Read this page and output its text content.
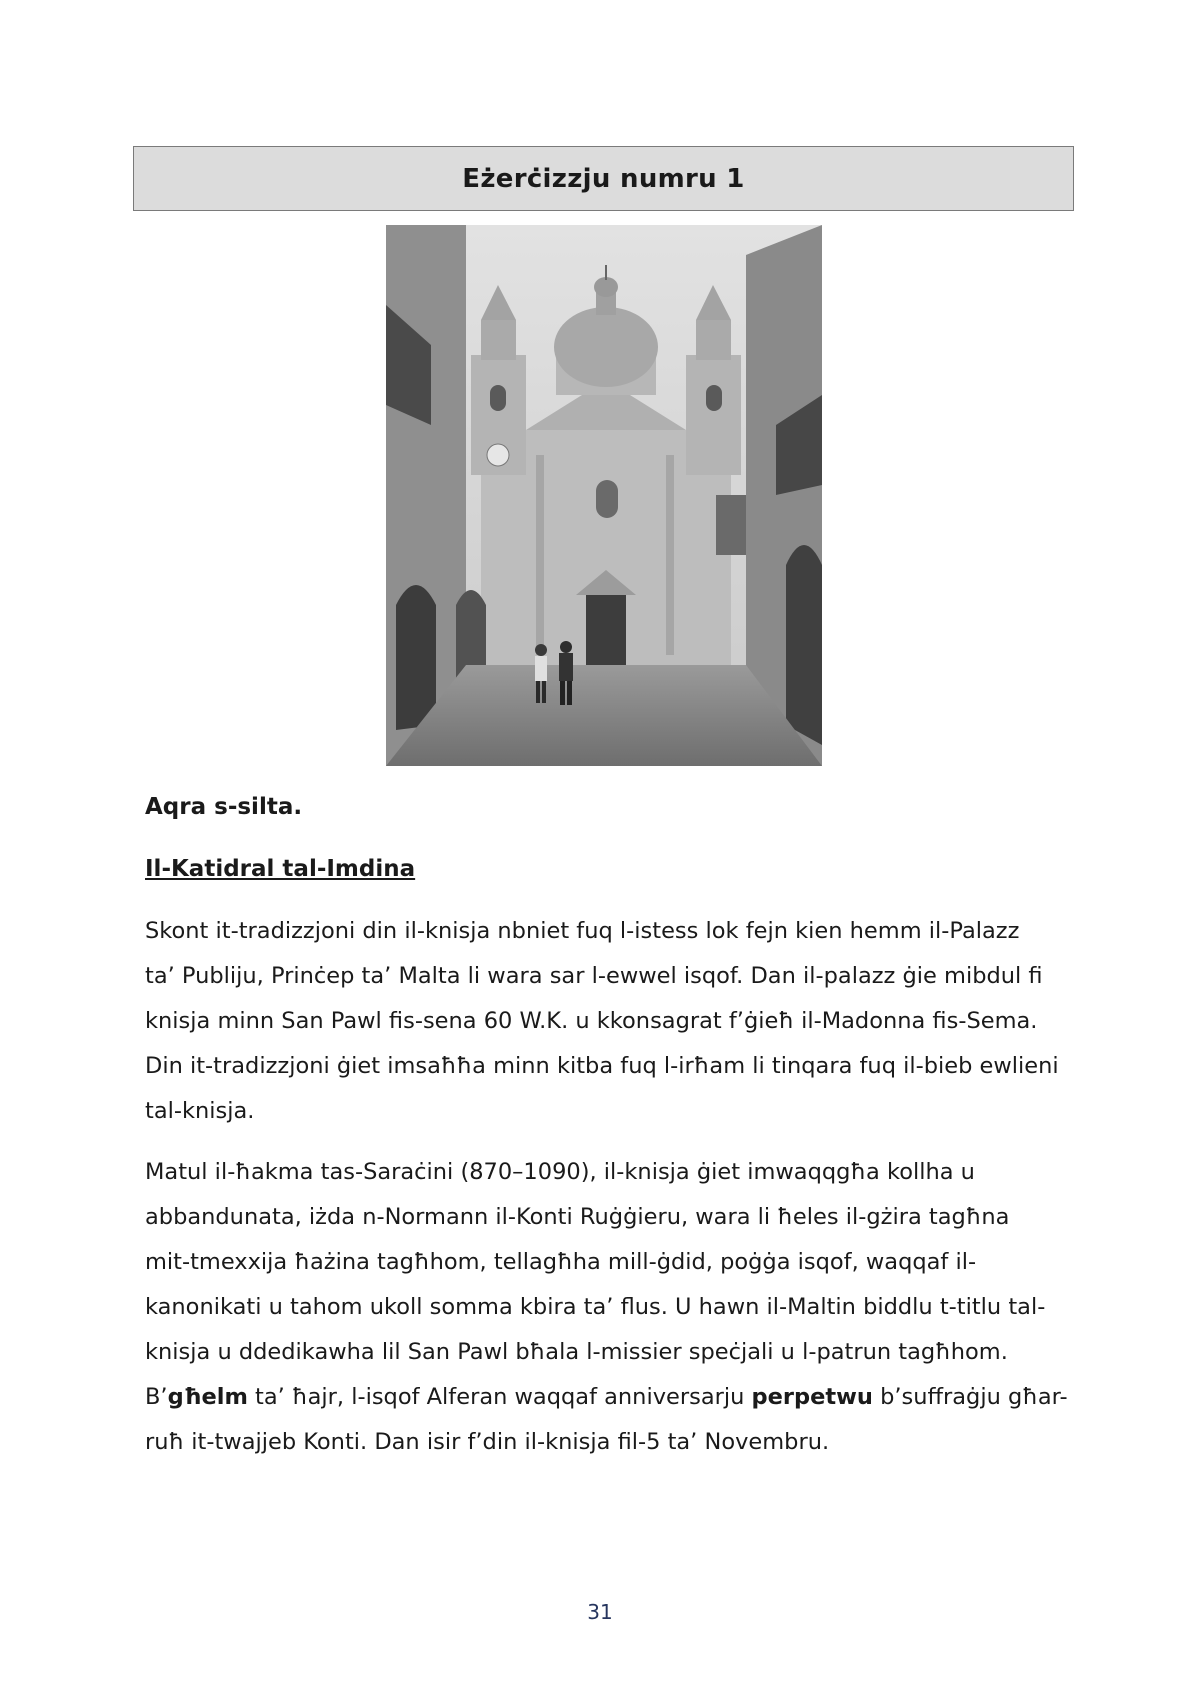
Eżerċizzju numru 1

Aqra s-silta.

Il-Katidral tal-Imdina

Skont it-tradizzjoni din il-knisja nbniet fuq l-istess lok fejn kien hemm il-Palazz
ta’ Publiju, Prinċep ta’ Malta li wara sar l-ewwel isqof. Dan il-palazz ġie mibdul fi
knisja minn San Pawl fis-sena 60 W.K. u kkonsagrat f’ġieħ il-Madonna fis-Sema.
Din it-tradizzjoni ġiet imsaħħa minn kitba fuq l-irħam li tinqara fuq il-bieb ewlieni
tal-knisja.

Matul il-ħakma tas-Saraċini (870–1090), il-knisja ġiet imwaqqgħa kollha u
abbandunata, iżda n-Normann il-Konti Ruġġieru, wara li ħeles il-gżira tagħna
mit-tmexxija ħażina tagħhom, tellagħha mill-ġdid, poġġa isqof, waqqaf il-
kanonikati u tahom ukoll somma kbira ta’ flus. U hawn il-Maltin biddlu t-titlu tal-
knisja u ddedikawha lil San Pawl bħala l-missier speċjali u l-patrun tagħhom.
B’għelm ta’ ħajr, l-isqof Alferan waqqaf anniversarju perpetwu b’suffraġju għar-
ruħ it-twajjeb Konti. Dan isir f’din il-knisja fil-5 ta’ Novembru.

31
